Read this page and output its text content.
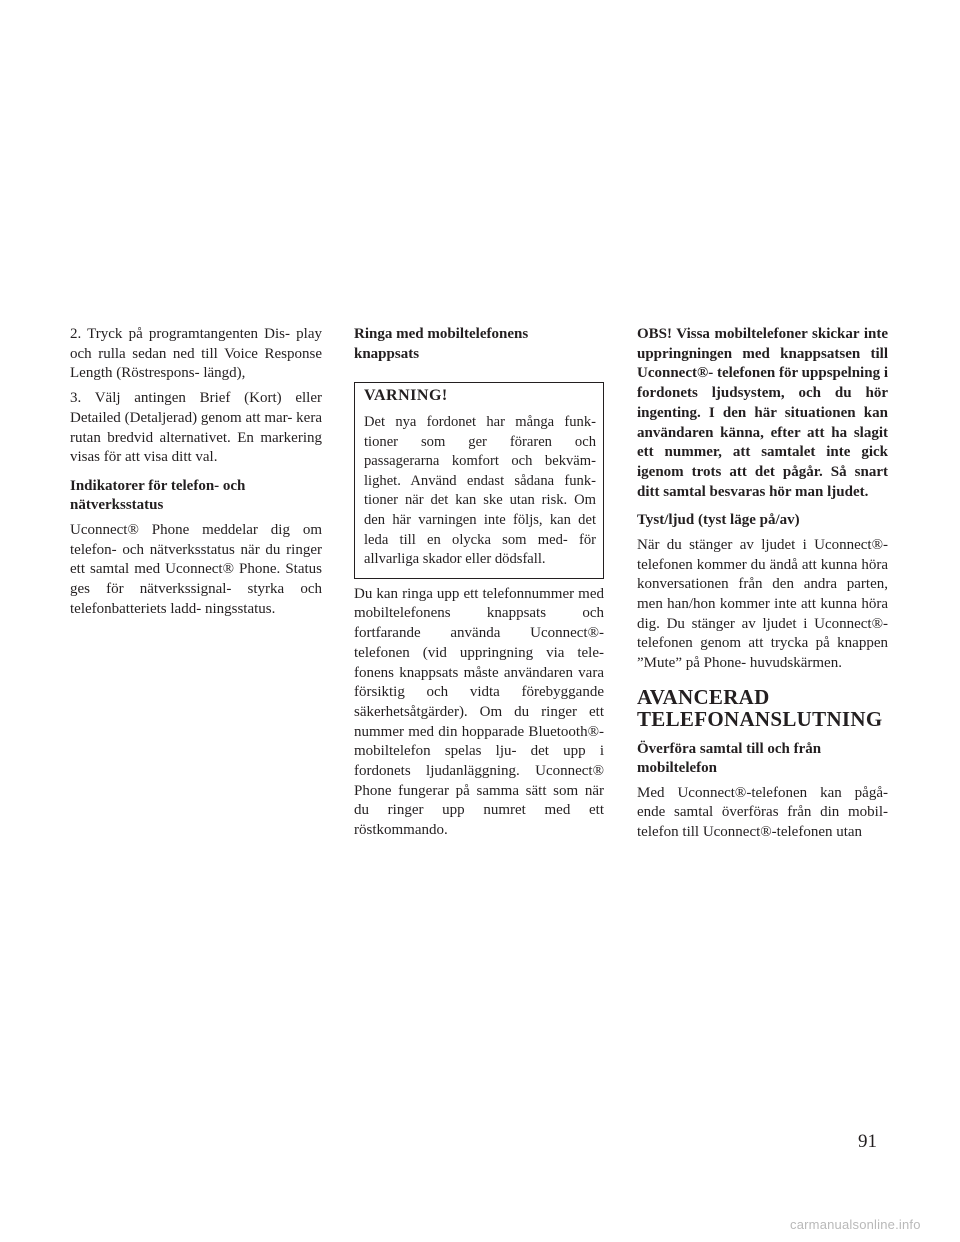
2. Tryck på programtangenten Dis- play och rulla sedan ned till Voice Response Length (Röstrespons- längd),

3. Välj antingen Brief (Kort) eller Detailed (Detaljerad) genom att mar- kera rutan bredvid alternativet. En markering visas för att visa ditt val.

Indikatorer för telefon- och
nätverksstatus

Uconnect® Phone meddelar dig om telefon- och nätverksstatus när du ringer ett samtal med Uconnect® Phone. Status ges för nätverkssignal- styrka och telefonbatteriets ladd- ningsstatus.

Ringa med mobiltelefonens
knappsats
VARNING!

Det nya fordonet har många funk- tioner som ger föraren och passagerarna komfort och bekväm- lighet. Använd endast sådana funk- tioner när det kan ske utan risk. Om den här varningen inte följs, kan det leda till en olycka som med- för allvarliga skador eller dödsfall.

Du kan ringa upp ett telefonnummer med mobiltelefonens knappsats och fortfarande använda Uconnect®- telefonen (vid uppringning via tele- fonens knappsats måste användaren vara försiktig och vidta förebyggande säkerhetsåtgärder). Om du ringer ett nummer med din hopparade Bluetooth®-mobiltelefon spelas lju- det upp i fordonets ljudanläggning. Uconnect® Phone fungerar på samma sätt som när du ringer upp numret med ett röstkommando.

OBS! Vissa mobiltelefoner skickar inte uppringningen med knappsatsen till Uconnect®- telefonen för uppspelning i fordonets ljudsystem, och du hör ingenting. I den här situationen kan användaren känna, efter att ha slagit ett nummer, att samtalet inte gick igenom trots att det pågår. Så snart ditt samtal besvaras hör man ljudet.

Tyst/ljud (tyst läge på/av)

När du stänger av ljudet i Uconnect®- telefonen kommer du ändå att kunna höra konversationen från den andra parten, men han/hon kommer inte att kunna höra dig. Du stänger av ljudet i Uconnect®-telefonen genom att trycka på knappen ”Mute” på Phone- huvudskärmen.

AVANCERAD
TELEFONANSLUTNING
Överföra samtal till och från
mobiltelefon

Med Uconnect®-telefonen kan pågå- ende samtal överföras från din mobil- telefon till Uconnect®-telefonen utan

91
carmanualsonline.info
